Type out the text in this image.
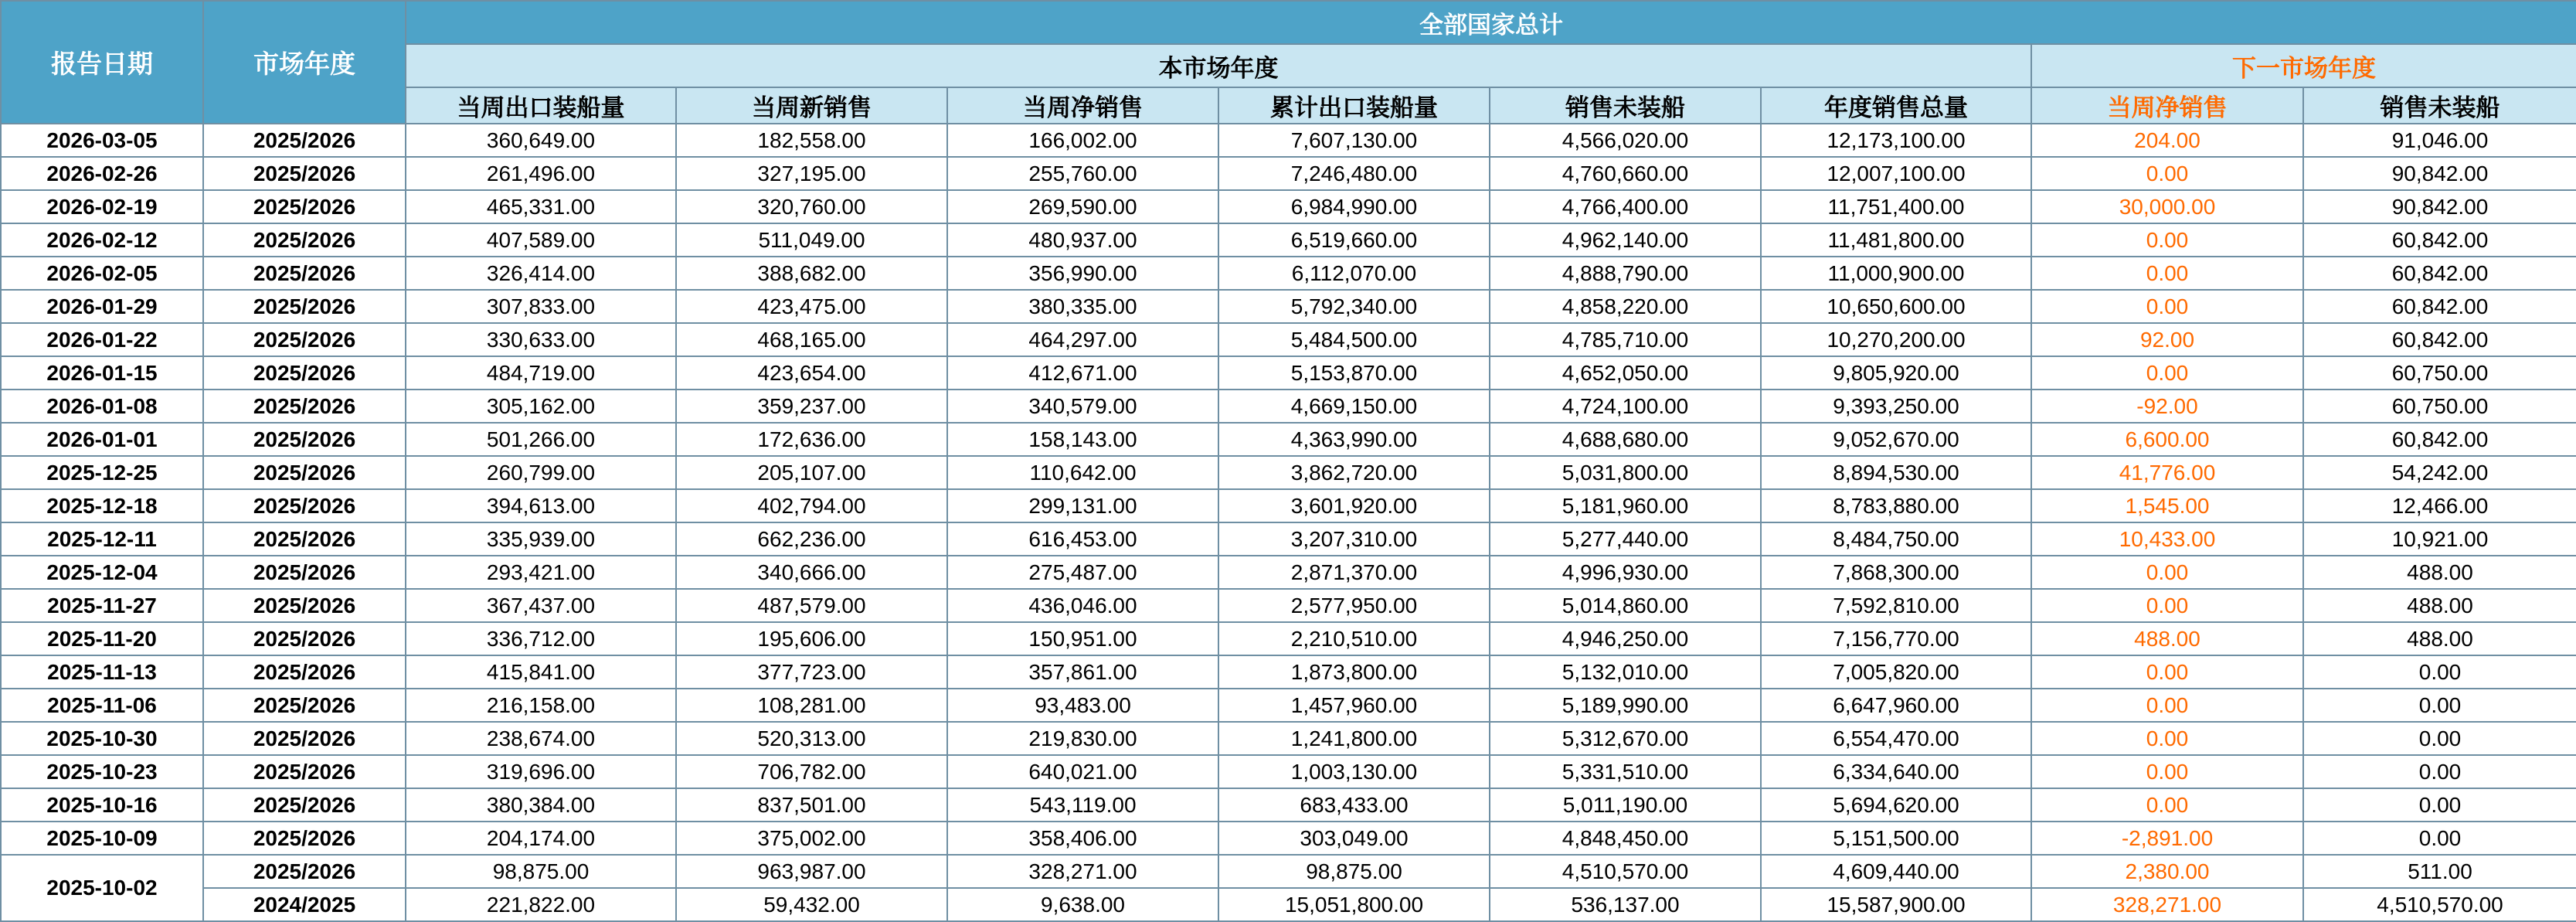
报告日期	市场年度	全部国家总计							
		本市场年度						下一市场年度	
		当周出口装船量	当周新销售	当周净销售	累计出口装船量	销售未装船	年度销售总量	当周净销售	销售未装船
2026-03-05	2025/2026	360,649.00	182,558.00	166,002.00	7,607,130.00	4,566,020.00	12,173,100.00	204.00	91,046.00
2026-02-26	2025/2026	261,496.00	327,195.00	255,760.00	7,246,480.00	4,760,660.00	12,007,100.00	0.00	90,842.00
2026-02-19	2025/2026	465,331.00	320,760.00	269,590.00	6,984,990.00	4,766,400.00	11,751,400.00	30,000.00	90,842.00
2026-02-12	2025/2026	407,589.00	511,049.00	480,937.00	6,519,660.00	4,962,140.00	11,481,800.00	0.00	60,842.00
2026-02-05	2025/2026	326,414.00	388,682.00	356,990.00	6,112,070.00	4,888,790.00	11,000,900.00	0.00	60,842.00
2026-01-29	2025/2026	307,833.00	423,475.00	380,335.00	5,792,340.00	4,858,220.00	10,650,600.00	0.00	60,842.00
2026-01-22	2025/2026	330,633.00	468,165.00	464,297.00	5,484,500.00	4,785,710.00	10,270,200.00	92.00	60,842.00
2026-01-15	2025/2026	484,719.00	423,654.00	412,671.00	5,153,870.00	4,652,050.00	9,805,920.00	0.00	60,750.00
2026-01-08	2025/2026	305,162.00	359,237.00	340,579.00	4,669,150.00	4,724,100.00	9,393,250.00	-92.00	60,750.00
2026-01-01	2025/2026	501,266.00	172,636.00	158,143.00	4,363,990.00	4,688,680.00	9,052,670.00	6,600.00	60,842.00
2025-12-25	2025/2026	260,799.00	205,107.00	110,642.00	3,862,720.00	5,031,800.00	8,894,530.00	41,776.00	54,242.00
2025-12-18	2025/2026	394,613.00	402,794.00	299,131.00	3,601,920.00	5,181,960.00	8,783,880.00	1,545.00	12,466.00
2025-12-11	2025/2026	335,939.00	662,236.00	616,453.00	3,207,310.00	5,277,440.00	8,484,750.00	10,433.00	10,921.00
2025-12-04	2025/2026	293,421.00	340,666.00	275,487.00	2,871,370.00	4,996,930.00	7,868,300.00	0.00	488.00
2025-11-27	2025/2026	367,437.00	487,579.00	436,046.00	2,577,950.00	5,014,860.00	7,592,810.00	0.00	488.00
2025-11-20	2025/2026	336,712.00	195,606.00	150,951.00	2,210,510.00	4,946,250.00	7,156,770.00	488.00	488.00
2025-11-13	2025/2026	415,841.00	377,723.00	357,861.00	1,873,800.00	5,132,010.00	7,005,820.00	0.00	0.00
2025-11-06	2025/2026	216,158.00	108,281.00	93,483.00	1,457,960.00	5,189,990.00	6,647,960.00	0.00	0.00
2025-10-30	2025/2026	238,674.00	520,313.00	219,830.00	1,241,800.00	5,312,670.00	6,554,470.00	0.00	0.00
2025-10-23	2025/2026	319,696.00	706,782.00	640,021.00	1,003,130.00	5,331,510.00	6,334,640.00	0.00	0.00
2025-10-16	2025/2026	380,384.00	837,501.00	543,119.00	683,433.00	5,011,190.00	5,694,620.00	0.00	0.00
2025-10-09	2025/2026	204,174.00	375,002.00	358,406.00	303,049.00	4,848,450.00	5,151,500.00	-2,891.00	0.00
2025-10-02	2025/2026	98,875.00	963,987.00	328,271.00	98,875.00	4,510,570.00	4,609,440.00	2,380.00	511.00
	2024/2025	221,822.00	59,432.00	9,638.00	15,051,800.00	536,137.00	15,587,900.00	328,271.00	4,510,570.00
